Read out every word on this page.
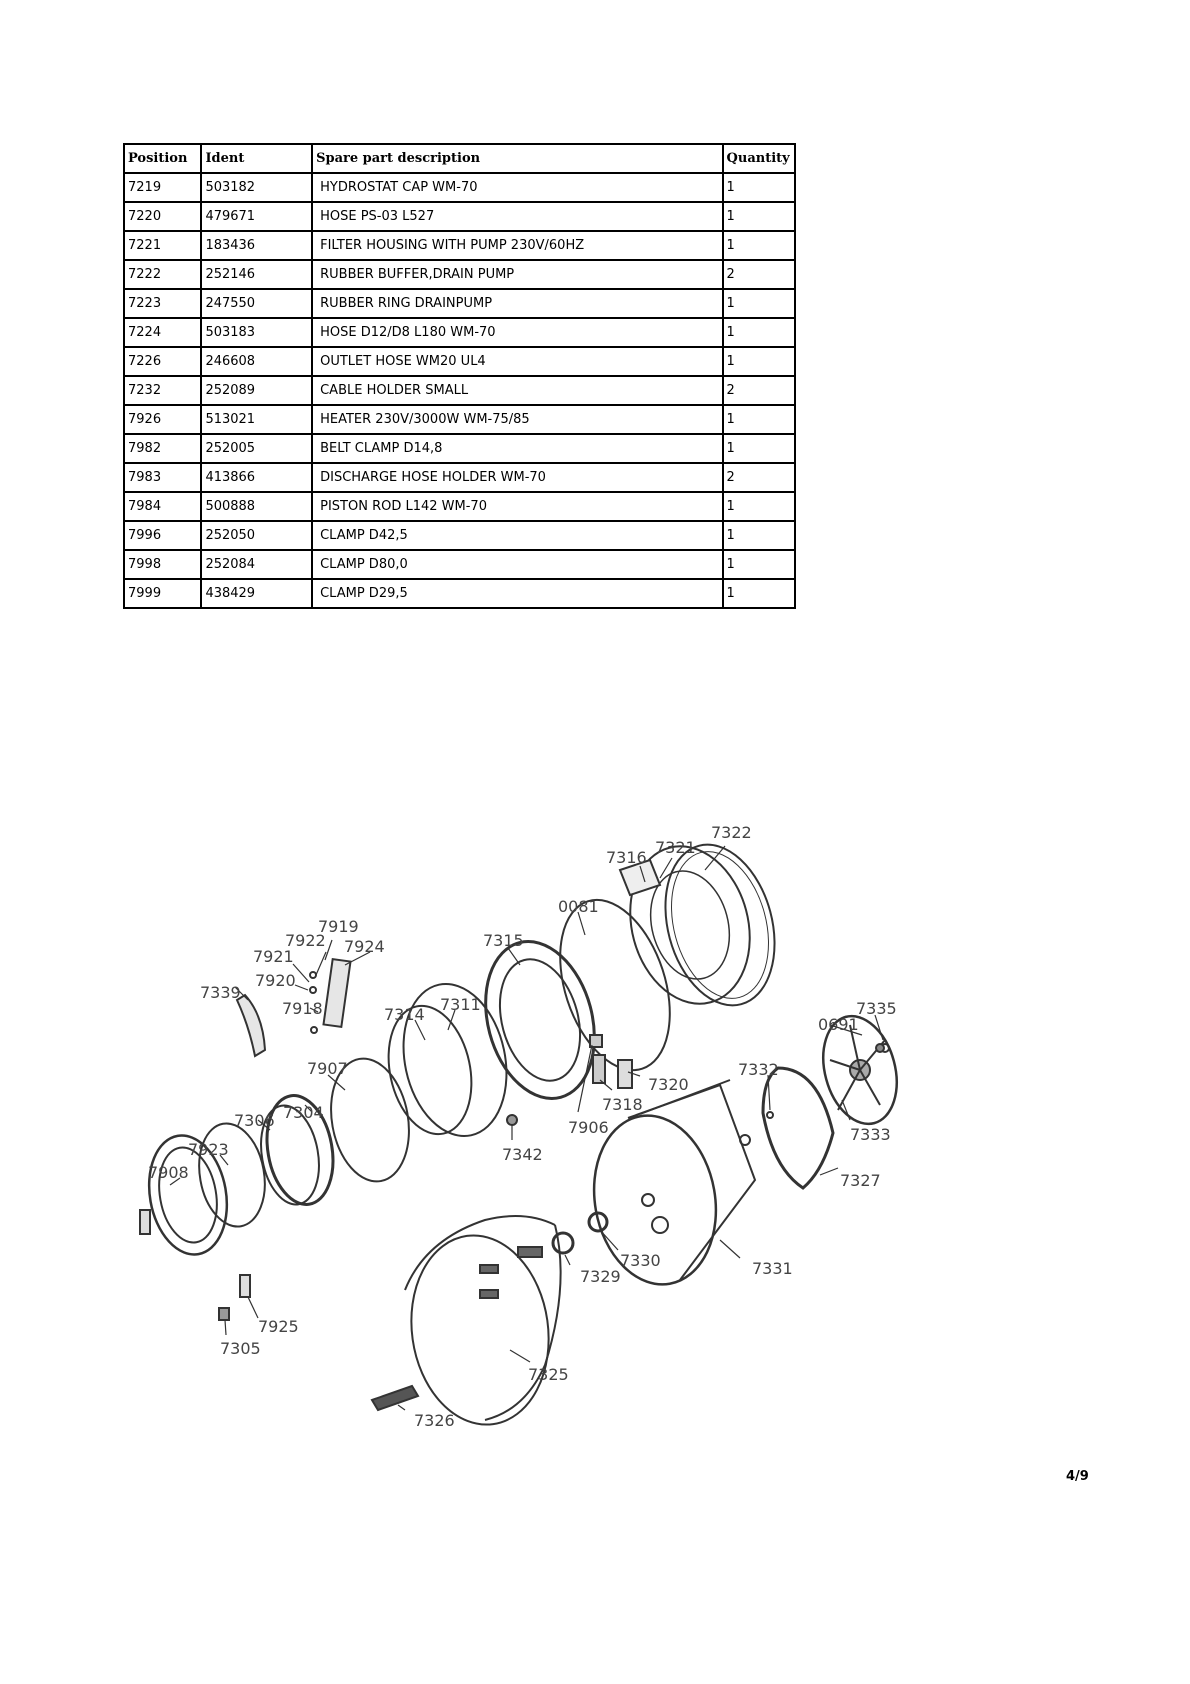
Position	Ident	Spare part description	Quantity
7219	503182	HYDROSTAT CAP WM-70	1
7220	479671	HOSE PS-03 L527	1
7221	183436	FILTER HOUSING WITH PUMP 230V/60HZ	1
7222	252146	RUBBER BUFFER,DRAIN PUMP	2
7223	247550	RUBBER RING DRAINPUMP	1
7224	503183	HOSE D12/D8 L180 WM-70	1
7226	246608	OUTLET HOSE WM20 UL4	1
7232	252089	CABLE HOLDER SMALL	2
7926	513021	HEATER 230V/3000W WM-75/85	1
7982	252005	BELT CLAMP D14,8	1
7983	413866	DISCHARGE HOSE HOLDER WM-70	2
7984	500888	PISTON ROD L142 WM-70	1
7996	252050	CLAMP D42,5	1
7998	252084	CLAMP D80,0	1
7999	438429	CLAMP D29,5	1
7322
7321
7316
0081
7919
7922 7924
7921
7920
7339
7918
7315
7311
7314	7335
0691
7320
7318
7332
7907
7906	7333
7304
7306
7342
7923
7327
7908
7330	7331
7329
7925
7305
7325
7326
4/9
